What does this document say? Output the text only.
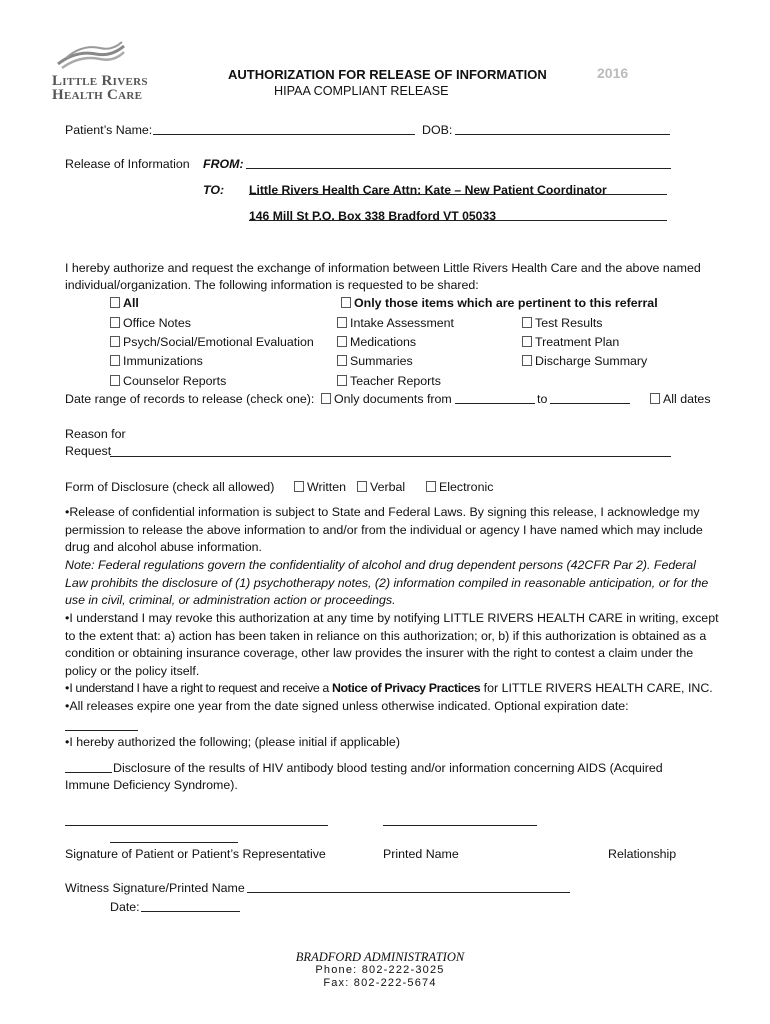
Little Rivers
Health Care
AUTHORIZATION FOR RELEASE OF INFORMATION	2016
HIPAA COMPLIANT RELEASE
Patient’s Name:	DOB:
Release of Information FROM:
TO: Little Rivers Health Care Attn: Kate – New Patient Coordinator
146 Mill St P.O. Box 338 Bradford VT 05033
I hereby authorize and request the exchange of information between Little Rivers Health Care and the above named
individual/organization. The following information is requested to be shared:
All	Only those items which are pertinent to this referral
Office Notes	Intake Assessment	Test Results
Psych/Social/Emotional Evaluation	Medications	Treatment Plan
Immunizations	Summaries	Discharge Summary
Counselor Reports	Teacher Reports
Date range of records to release (check one):	Only documents from	to	All dates
Reason for
Request
Form of Disclosure (check all allowed)	Written	Verbal	Electronic
• Release of confidential information is subject to State and Federal Laws. By signing this release, I acknowledge my permission to release the above information to and/or from the individual or agency I have named which may include drug and alcohol abuse information.
Note: Federal regulations govern the confidentiality of alcohol and drug dependent persons (42CFR Par 2). Federal Law prohibits the disclosure of (1) psychotherapy notes, (2) information compiled in reasonable anticipation, or for the use in civil, criminal, or administration action or proceedings.
• I understand I may revoke this authorization at any time by notifying LITTLE RIVERS HEALTH CARE in writing, except to the extent that: a) action has been taken in reliance on this authorization; or, b) if this authorization is obtained as a condition or obtaining insurance coverage, other law provides the insurer with the right to contest a claim under the policy or the policy itself.
• I understand I have a right to request and receive a Notice of Privacy Practices for LITTLE RIVERS HEALTH CARE, INC.
• All releases expire one year from the date signed unless otherwise indicated. Optional expiration date:
• I hereby authorized the following; (please initial if applicable)
Disclosure of the results of HIV antibody blood testing and/or information concerning AIDS (Acquired
Immune Deficiency Syndrome).
Signature of Patient or Patient’s Representative	Printed Name	Relationship
Witness Signature/Printed Name
Date:
BRADFORD ADMINISTRATION
Phone: 802-222-3025
Fax: 802-222-5674
